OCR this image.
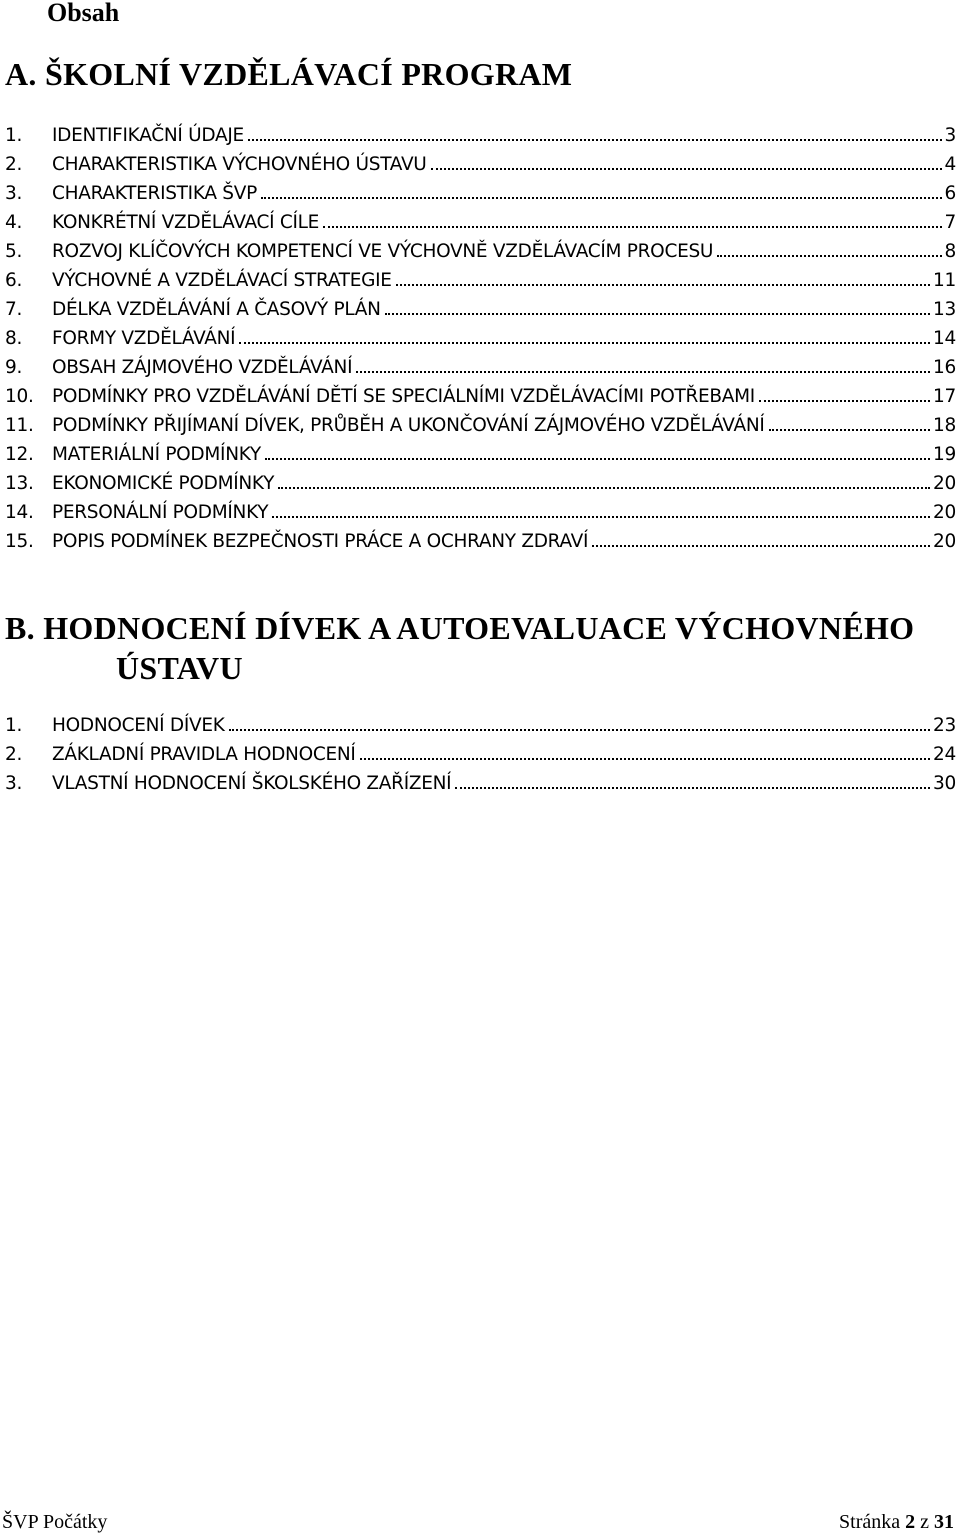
Obsah
A. ŠKOLNÍ VZDĚLÁVACÍ PROGRAM
1.	IDENTIFIKAČNÍ ÚDAJE	3
2.	CHARAKTERISTIKA VÝCHOVNÉHO ÚSTAVU	4
3.	CHARAKTERISTIKA ŠVP	6
4.	KONKRÉTNÍ VZDĚLÁVACÍ CÍLE	7
5.	ROZVOJ KLÍČOVÝCH KOMPETENCÍ VE VÝCHOVNĚ VZDĚLÁVACÍM PROCESU	8
6.	VÝCHOVNÉ A VZDĚLÁVACÍ STRATEGIE	11
7.	DÉLKA VZDĚLÁVÁNÍ A ČASOVÝ PLÁN	13
8.	FORMY VZDĚLÁVÁNÍ	14
9.	OBSAH ZÁJMOVÉHO VZDĚLÁVÁNÍ	16
10. PODMÍNKY PRO VZDĚLÁVÁNÍ DĚTÍ SE SPECIÁLNÍMI VZDĚLÁVACÍMI POTŘEBAMI	17
11. PODMÍNKY PŘIJÍMANÍ DÍVEK, PRŮBĚH A UKONČOVÁNÍ ZÁJMOVÉHO VZDĚLÁVÁNÍ	18
12. MATERIÁLNÍ PODMÍNKY	19
13. EKONOMICKÉ PODMÍNKY	20
14. PERSONÁLNÍ PODMÍNKY	20
15. POPIS PODMÍNEK BEZPEČNOSTI PRÁCE A OCHRANY ZDRAVÍ	20
B. HODNOCENÍ DÍVEK A AUTOEVALUACE VÝCHOVNÉHO
ÚSTAVU
1.	HODNOCENÍ DÍVEK	23
2.	ZÁKLADNÍ PRAVIDLA HODNOCENÍ	24
3.	VLASTNÍ HODNOCENÍ ŠKOLSKÉHO ZAŘÍZENÍ	30
ŠVP Počátky	Stránka 2 z 31
